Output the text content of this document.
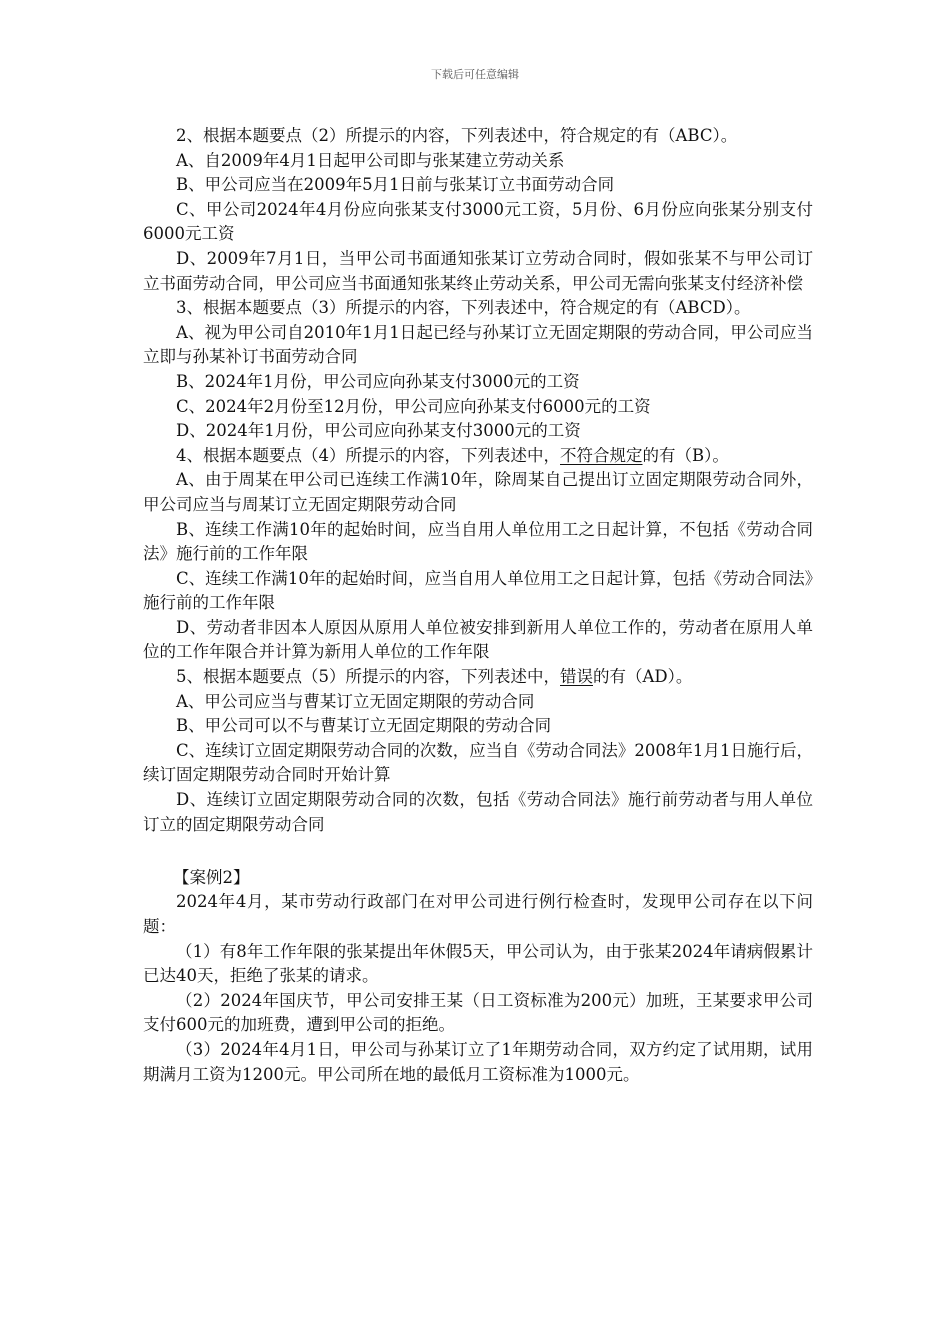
下载后可任意编辑

2、根据本题要点（2）所提示的内容，下列表述中，符合规定的有（ABC）。

A、自2009年4月1日起甲公司即与张某建立劳动关系

B、甲公司应当在2009年5月1日前与张某订立书面劳动合同

C、甲公司2024年4月份应向张某支付3000元工资，5月份、6月份应向张某分别支付6000元工资

D、2009年7月1日，当甲公司书面通知张某订立劳动合同时，假如张某不与甲公司订立书面劳动合同，甲公司应当书面通知张某终止劳动关系，甲公司无需向张某支付经济补偿

3、根据本题要点（3）所提示的内容，下列表述中，符合规定的有（ABCD）。

A、视为甲公司自2010年1月1日起已经与孙某订立无固定期限的劳动合同，甲公司应当立即与孙某补订书面劳动合同

B、2024年1月份，甲公司应向孙某支付3000元的工资

C、2024年2月份至12月份，甲公司应向孙某支付6000元的工资

D、2024年1月份，甲公司应向孙某支付3000元的工资

4、根据本题要点（4）所提示的内容，下列表述中，不符合规定的有（B）。

A、由于周某在甲公司已连续工作满10年，除周某自己提出订立固定期限劳动合同外，甲公司应当与周某订立无固定期限劳动合同

B、连续工作满10年的起始时间，应当自用人单位用工之日起计算，不包括《劳动合同法》施行前的工作年限

C、连续工作满10年的起始时间，应当自用人单位用工之日起计算，包括《劳动合同法》施行前的工作年限

D、劳动者非因本人原因从原用人单位被安排到新用人单位工作的，劳动者在原用人单位的工作年限合并计算为新用人单位的工作年限

5、根据本题要点（5）所提示的内容，下列表述中，错误的有（AD）。

A、甲公司应当与曹某订立无固定期限的劳动合同

B、甲公司可以不与曹某订立无固定期限的劳动合同

C、连续订立固定期限劳动合同的次数，应当自《劳动合同法》2008年1月1日施行后，续订固定期限劳动合同时开始计算

D、连续订立固定期限劳动合同的次数，包括《劳动合同法》施行前劳动者与用人单位订立的固定期限劳动合同

【案例2】

2024年4月，某市劳动行政部门在对甲公司进行例行检查时，发现甲公司存在以下问题：

（1）有8年工作年限的张某提出年休假5天，甲公司认为，由于张某2024年请病假累计已达40天，拒绝了张某的请求。

（2）2024年国庆节，甲公司安排王某（日工资标准为200元）加班，王某要求甲公司支付600元的加班费，遭到甲公司的拒绝。

（3）2024年4月1日，甲公司与孙某订立了1年期劳动合同，双方约定了试用期，试用期满月工资为1200元。甲公司所在地的最低月工资标准为1000元。
